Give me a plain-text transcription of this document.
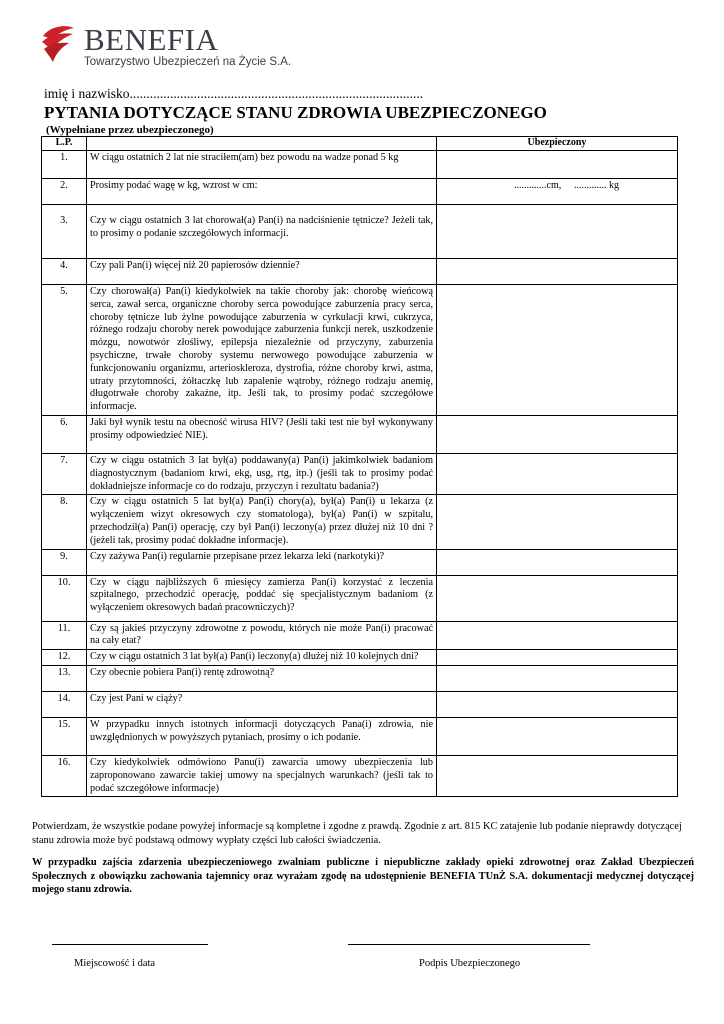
BENEFIA
Towarzystwo Ubezpieczeń na Życie S.A.
imię i nazwisko.......................................................................................
PYTANIA DOTYCZĄCE STANU ZDROWIA UBEZPIECZONEGO
(Wypełniane przez ubezpieczonego)
L.P.		Ubezpieczony
1.	W ciągu ostatnich 2 lat nie straciłem(am) bez powodu na wadze ponad 5 kg	
2.	Prosimy podać wagę w kg, wzrost w cm:	.............cm, ............. kg
3.	Czy w ciągu ostatnich 3 lat chorował(a) Pan(i) na nadciśnienie tętnicze? Jeżeli tak, to prosimy o podanie szczegółowych informacji.	
4.	Czy pali Pan(i) więcej niż 20 papierosów dziennie?	
5.	Czy chorował(a) Pan(i) kiedykolwiek na takie choroby jak: chorobę wieńcową serca, zawał serca, organiczne choroby serca powodujące zaburzenia pracy serca, choroby tętnicze lub żylne powodujące zaburzenia w cyrkulacji krwi, cukrzyca, różnego rodzaju choroby nerek powodujące zaburzenia funkcji nerek, uszkodzenie mózgu, nowotwór złośliwy, epilepsja niezależnie od przyczyny, zaburzenia psychiczne, trwałe choroby systemu nerwowego powodujące zaburzenia w funkcjonowaniu organizmu, arterioskleroza, dystrofia, różne choroby krwi, astma, utraty przytomności, żółtaczkę lub zapalenie wątroby, różnego rodzaju anemię, długotrwałe choroby zakaźne, itp. Jeśli tak, to prosimy podać szczegółowe informacje.	
6.	Jaki był wynik testu na obecność wirusa HIV? (Jeśli taki test nie był wykonywany prosimy odpowiedzieć NIE).	
7.	Czy w ciągu ostatnich 3 lat był(a) poddawany(a) Pan(i) jakimkolwiek badaniom diagnostycznym (badaniom krwi, ekg, usg, rtg, itp.) (jeśli tak to prosimy podać dokładniejsze informacje co do rodzaju, przyczyn i rezultatu badania?)	
8.	Czy w ciągu ostatnich 5 lat był(a) Pan(i) chory(a), był(a) Pan(i) u lekarza (z wyłączeniem wizyt okresowych czy stomatologa), był(a) Pan(i) w szpitalu, przechodził(a) Pan(i) operację, czy był Pan(i) leczony(a) przez dłużej niż 10 dni ? (jeżeli tak, prosimy podać dokładne informacje).	
9.	Czy zażywa Pan(i) regularnie przepisane przez lekarza leki (narkotyki)?	
10.	Czy w ciągu najbliższych 6 miesięcy zamierza Pan(i) korzystać z leczenia szpitalnego, przechodzić operację, poddać się specjalistycznym badaniom (z wyłączeniem okresowych badań pracowniczych)?	
11.	Czy są jakieś przyczyny zdrowotne z powodu, których nie może Pan(i) pracować na cały etat?	
12.	Czy w ciągu ostatnich 3 lat był(a) Pan(i) leczony(a) dłużej niż 10 kolejnych dni?	
13.	Czy obecnie pobiera Pan(i) rentę zdrowotną?	
14.	Czy jest Pani w ciąży?	
15.	W przypadku innych istotnych informacji dotyczących Pana(i) zdrowia, nie uwzględnionych w powyższych pytaniach, prosimy o ich podanie.	
16.	Czy kiedykolwiek odmówiono Panu(i) zawarcia umowy ubezpieczenia lub zaproponowano zawarcie takiej umowy na specjalnych warunkach? (jeśli tak to podać szczegółowe informacje)	
Potwierdzam, że wszystkie podane powyżej informacje są kompletne i zgodne z prawdą. Zgodnie z art. 815 KC zatajenie lub podanie nieprawdy dotyczącej stanu zdrowia może być podstawą odmowy wypłaty części lub całości świadczenia.
W przypadku zajścia zdarzenia ubezpieczeniowego zwalniam publiczne i niepubliczne zakłady opieki zdrowotnej oraz Zakład Ubezpieczeń Społecznych z obowiązku zachowania tajemnicy oraz wyrażam zgodę na udostępnienie BENEFIA TUnŻ S.A. dokumentacji medycznej dotyczącej mojego stanu zdrowia.
Miejscowość i data	Podpis Ubezpieczonego
